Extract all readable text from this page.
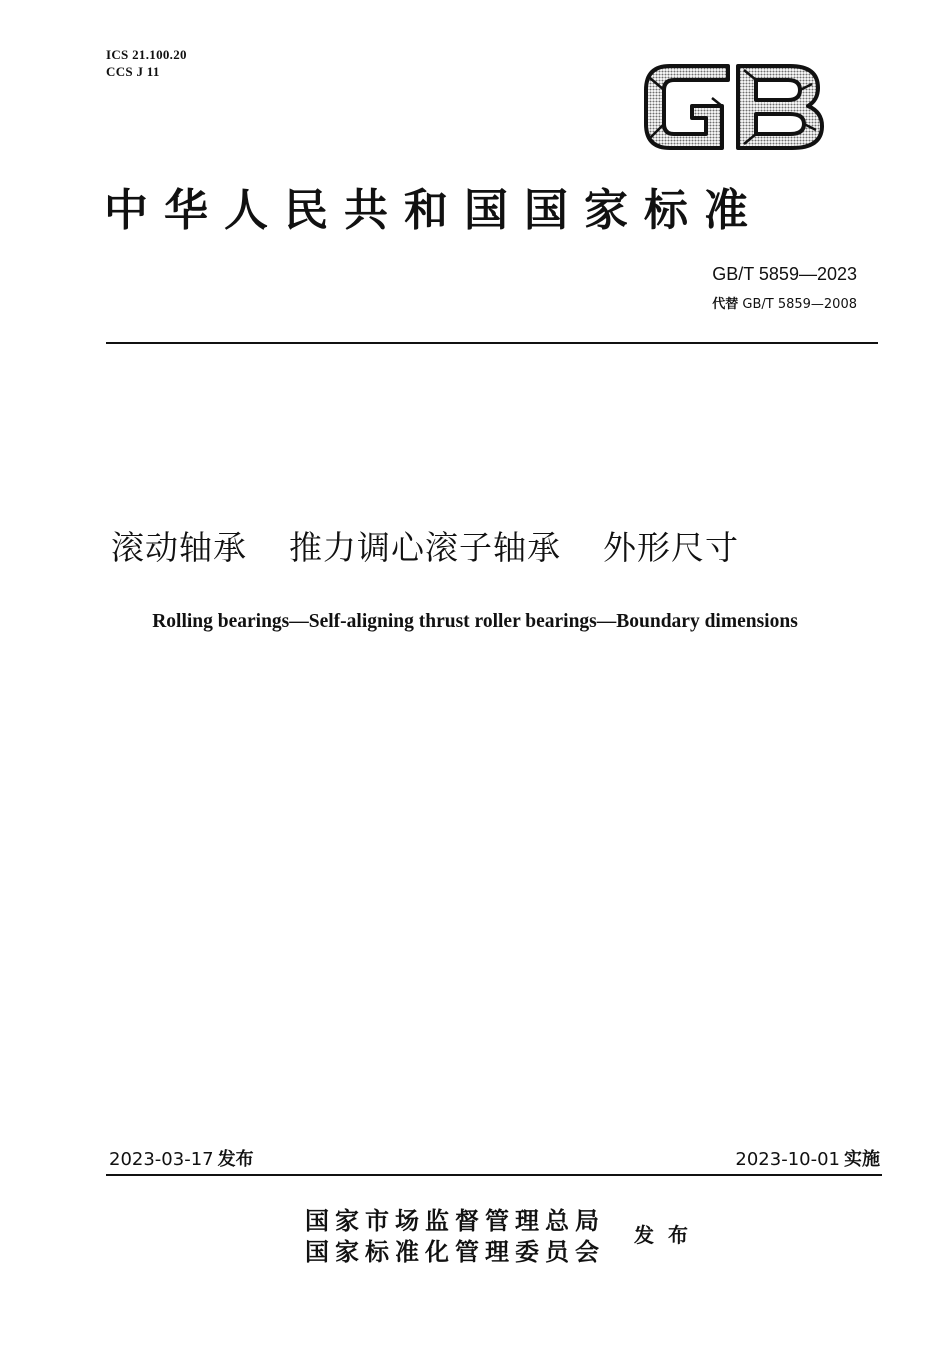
ICS 21.100.20
CCS J 11
中华人民共和国国家标准
GB/T 5859—2023
代替 GB/T 5859—2008
滚动轴承 推力调心滚子轴承 外形尺寸
Rolling bearings—Self-aligning thrust roller bearings—Boundary dimensions
2023-03-17 发布	2023-10-01 实施
国家市场监督管理总局
国家标准化管理委员会
发布
